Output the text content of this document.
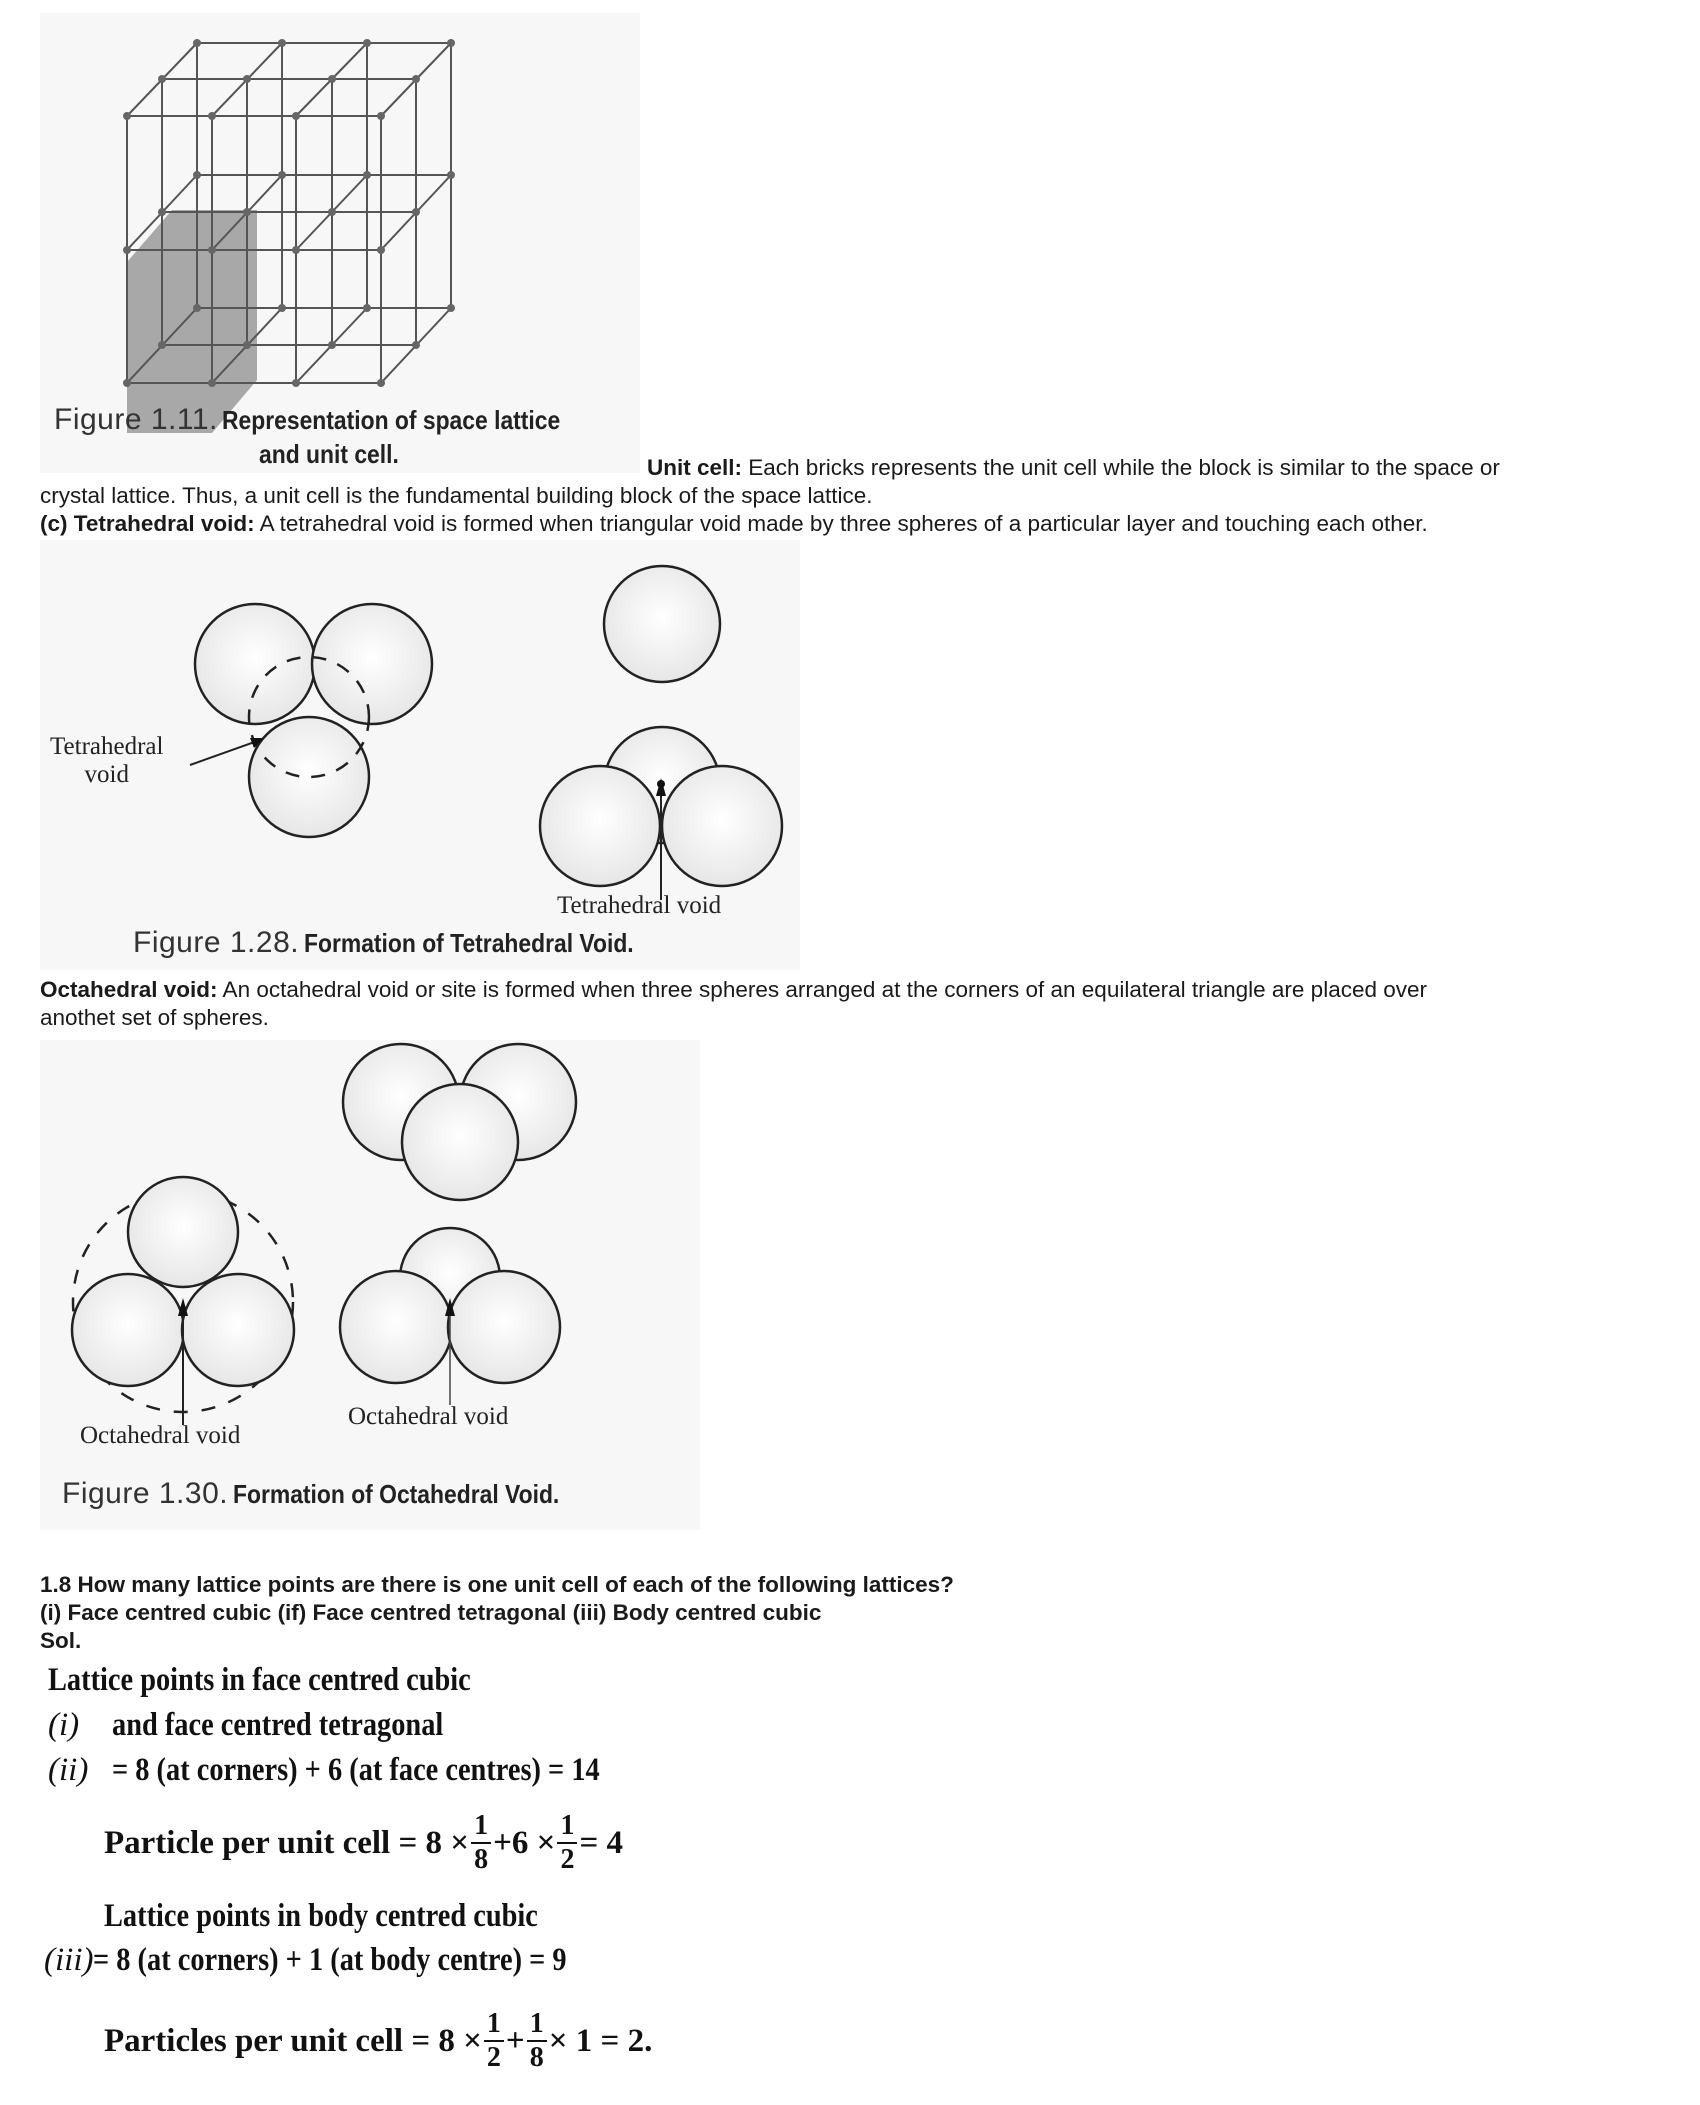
Figure 1.11. Representation of space lattice
and unit cell.	Unit cell: Each bricks represents the unit cell while the block is similar to the space or
crystal lattice. Thus, a unit cell is the fundamental building block of the space lattice.
(c) Tetrahedral void: A tetrahedral void is formed when triangular void made by three spheres of a particular layer and touching each other.
Tetrahedral
void
Tetrahedral void
Figure 1.28. Formation of Tetrahedral Void.
Octahedral void: An octahedral void or site is formed when three spheres arranged at the corners of an equilateral triangle are placed over
anothet set of spheres.
Octahedral void
Octahedral void
Figure 1.30. Formation of Octahedral Void.
1.8 How many lattice points are there is one unit cell of each of the following lattices?
(i) Face centred cubic (if) Face centred tetragonal (iii) Body centred cubic
Sol.
Lattice points in face centred cubic
(i) and face centred tetragonal
(ii) = 8 (at corners) + 6 (at face centres) = 14
Particle per unit cell = $8 \times \frac{1}{8} +6 \times \frac{1}{2} = 4$
Lattice points in body centred cubic
(iii)= 8 (at corners) + 1 (at body centre) = 9
Particles per unit cell = $8 \times \frac{1}{2} + \frac{1}{8} \times 1 = 2$.
